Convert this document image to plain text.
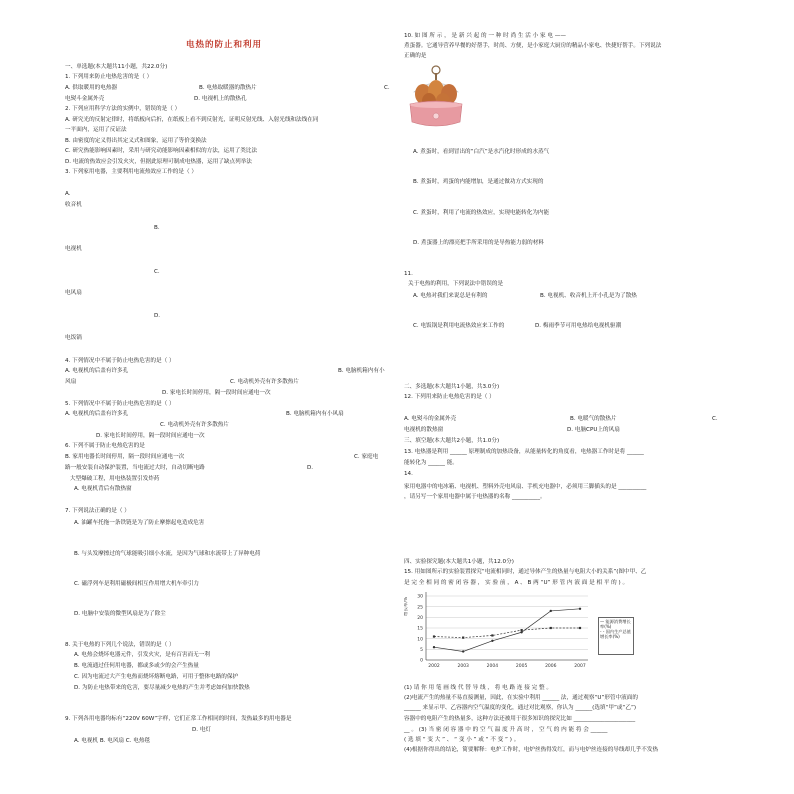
电热的防止和利用
一、单选题(本大题共11小题，共22.0分)
1. 下列用来防止电热危害的是（ ）
A. 供取暖用的电热器	B. 电热取暖器的散热片	C.
电熨斗金属外壳	D. 电视机上的散热孔
2. 下列应用科学方法的实例中，错误的是（ ）
A. 研究光的反射定律时，将纸板向后折，在纸板上看不到反射光，证明反射光线、入射光线和法线在同
一平面内，运用了反证法
B. 由密度的定义得出其定义式和图象，运用了等价变换法
C. 研究热能影响因素时，采用与研究动能影响因素相似的方法，运用了类比法
D. 电流的热效应会引发火灾，但据此原理可制成电热器，运用了缺点列举法
3. 下列家用电器，主要利用电流热效应工作的是（ ）
A.
收音机
B.
电视机
C.
电风扇
D.
电饭锅
4. 下列情况中不属于防止电热危害的是（ ）
A. 电视机的后盖有许多孔	B. 电脑机箱内有小
风扇	C. 电动机外壳有许多散热片
D. 家电长时间停用，隔一段时间应通电一次
5. 下列情况中不属于防止电热危害的是（ ）
A. 电视机的后盖有许多孔	B. 电脑机箱内有小风扇
C. 电动机外壳有许多散热片
D. 家电长时间停用，隔一段时间应通电一次
6. 下列不属于防止电热危害的是
B. 家用电器长时间停用，隔一段时间应通电一次	C. 家庭电
路一般安装自动保护装置，当电流过大时，自动切断电路	D.
大型爆破工程，用电热装置引发炸药
A. 电视机背后有散热窗
7. 下列说法正确的是（ ）
A. 油罐车托拖一条铁链是为了防止摩擦起电造成危害
B. 与头发摩擦过的气球能吸引细小水流，是因为气球和水流带上了异种电荷
C. 磁浮列车是利用磁极间相互作用增大机车牵引力
D. 电脑中安装的微型风扇是为了除尘
8. 关于电热的下列几个说法，错误的是（ ）
A. 电热会烧坏电器元件，引发火灾，是有百害而无一利
B. 电流通过任何用电器，都或多或少的会产生热量
C. 因为电流过大产生电热而烧坏熔断电路，可用于整体电路的保护
D. 为防止电热带来的危害，要尽量减少电热的产生并考虑如何加快散热
9. 下列各用电器均标有“220V 60W”字样，它们正常工作相同的时间，发热最多的用电器是
D. 电灯
A. 电视机 B. 电风扇 C. 电热毯
10. 如 图 所 示 ， 是 新 兴 起 的 一 种 时 尚 生 活 小 家 电 ——
煮蛋器。它通导营养早餐的好帮手，时尚、方便，是小家庭大厨房的精品小家电、快捷好帮手。下列说法
正确的是
A. 煮蛋时，看到冒出的“白汽”是水汽化时形成的水蒸气
B. 煮蛋时，鸡蛋的内能增加，是通过做功方式实现的
C. 煮蛋时，利用了电流的热效应，实现电能转化为内能
D. 煮蛋器上的漂亮把手所采用的是导热能力弱的材料
11.
关于电热的利用，下列说法中错误的是
A. 电热对我们来说总是有利的	B. 电视机、收音机上开小孔是为了散热
C. 电饭锅是利用电流热效应来工作的	D. 梅雨季节可用电热给电视机驱潮
二、多选题(本大题共1小题，共3.0分)
12. 下列用来防止电热危害的是（ ）
A. 电熨斗的金属外壳	B. 电暖气的散热片	C.
电视机的散热窗	D. 电脑CPU上的风扇
三、填空题(本大题共2小题，共1.0分)
13. 电热器是利用 ______ 原理制成的加热设备，从能量转化的角度看，电热器工作时是将 ______
能转化为 ______ 能。
14.
家用电器中的电冰箱、电视机、塑料外壳电风扇、手机充电器中，必须用三脚插头的是 __________
，请另写一个家用电器中属于电热器的名称 __________。
四、实验探究题(本大题共1小题，共12.0分)
15. 用如图所示的实验装置探究“电流相同时，通过导体产生的热量与电阻大小的关系”(图中甲、乙
是 完 全 相 同 的 密 闭 容 器 ， 实 验 前 ， A 、 B 两 “U” 形 管 内 液 面 是 相 平 的 ) 。
(1) 请 你 用 笔 画 线 代 替 导 线 ， 将 电 路 连 接 完 整 。
(2)电流产生的热量不易直接测量，因此，在实验中利用 ______ 法，通过观察“U”形管中液面的
______ 来显示甲、乙容器内空气温度的变化，通过对比观察，你认为 ______(选填“甲”或“乙”)
容器中的电阻产生的热量多，这种方法还被用于很多知识的探究比如 ______________________
__ 。 (3) 当 密 闭 容 器 中 的 空 气 温 度 升 高 时 ， 空 气 的 内 能 将 会 ______
( 选 填 “ 变 大 ” 、 “ 变 小 ” 或 “ 不 变 ” ) 。
(4)根据你得出的结论，简要解释：电炉工作时，电炉丝热得发红，而与电炉丝连接的导线却几乎不发热
0
5
10
15
20
25
30
增长率/%
2002	2003	2004	2005	2006	2007
— 能源消费增长率(%)
- - 国内生产总值增长率(%)
